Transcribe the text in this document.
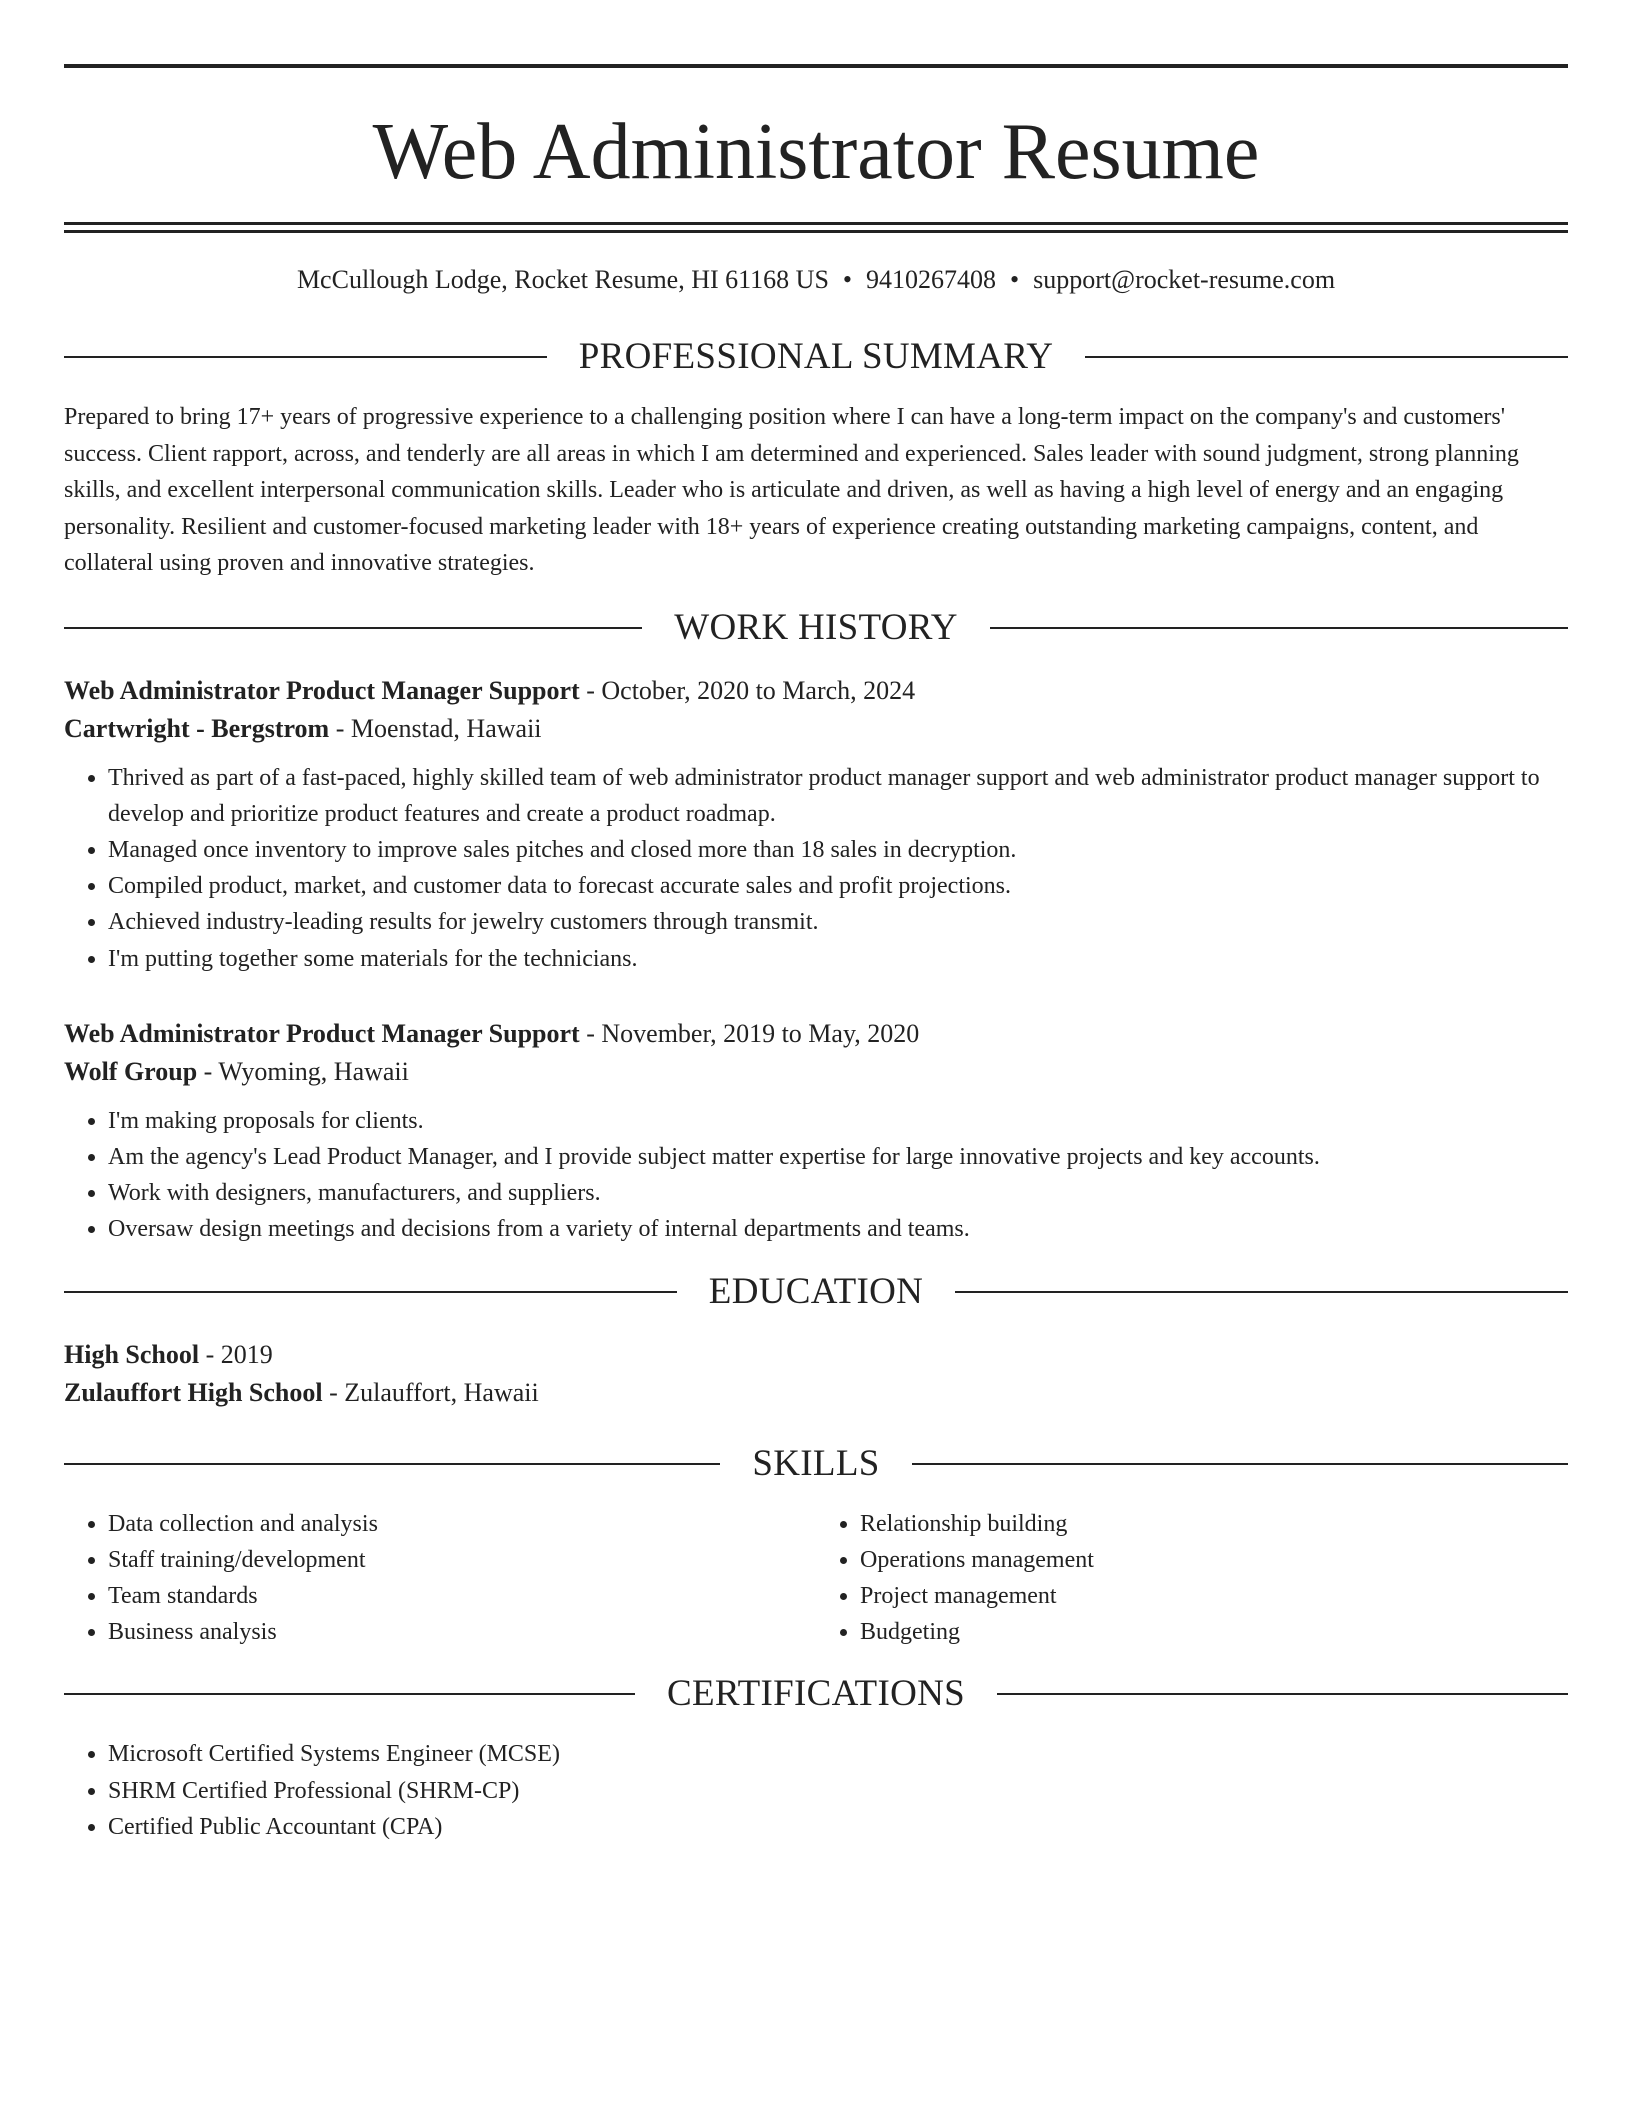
Web Administrator Resume
McCullough Lodge, Rocket Resume, HI 61168 US • 9410267408 • support@rocket-resume.com
PROFESSIONAL SUMMARY
Prepared to bring 17+ years of progressive experience to a challenging position where I can have a long-term impact on the company's and customers' success. Client rapport, across, and tenderly are all areas in which I am determined and experienced. Sales leader with sound judgment, strong planning skills, and excellent interpersonal communication skills. Leader who is articulate and driven, as well as having a high level of energy and an engaging personality. Resilient and customer-focused marketing leader with 18+ years of experience creating outstanding marketing campaigns, content, and collateral using proven and innovative strategies.
WORK HISTORY
Web Administrator Product Manager Support - October, 2020 to March, 2024
Cartwright - Bergstrom - Moenstad, Hawaii
• Thrived as part of a fast-paced, highly skilled team of web administrator product manager support and web administrator product manager support to develop and prioritize product features and create a product roadmap.
• Managed once inventory to improve sales pitches and closed more than 18 sales in decryption.
• Compiled product, market, and customer data to forecast accurate sales and profit projections.
• Achieved industry-leading results for jewelry customers through transmit.
• I'm putting together some materials for the technicians.
Web Administrator Product Manager Support - November, 2019 to May, 2020
Wolf Group - Wyoming, Hawaii
• I'm making proposals for clients.
• Am the agency's Lead Product Manager, and I provide subject matter expertise for large innovative projects and key accounts.
• Work with designers, manufacturers, and suppliers.
• Oversaw design meetings and decisions from a variety of internal departments and teams.
EDUCATION
High School - 2019
Zulauffort High School - Zulauffort, Hawaii
SKILLS
• Data collection and analysis
• Staff training/development
• Team standards
• Business analysis
• Relationship building
• Operations management
• Project management
• Budgeting
CERTIFICATIONS
• Microsoft Certified Systems Engineer (MCSE)
• SHRM Certified Professional (SHRM-CP)
• Certified Public Accountant (CPA)
